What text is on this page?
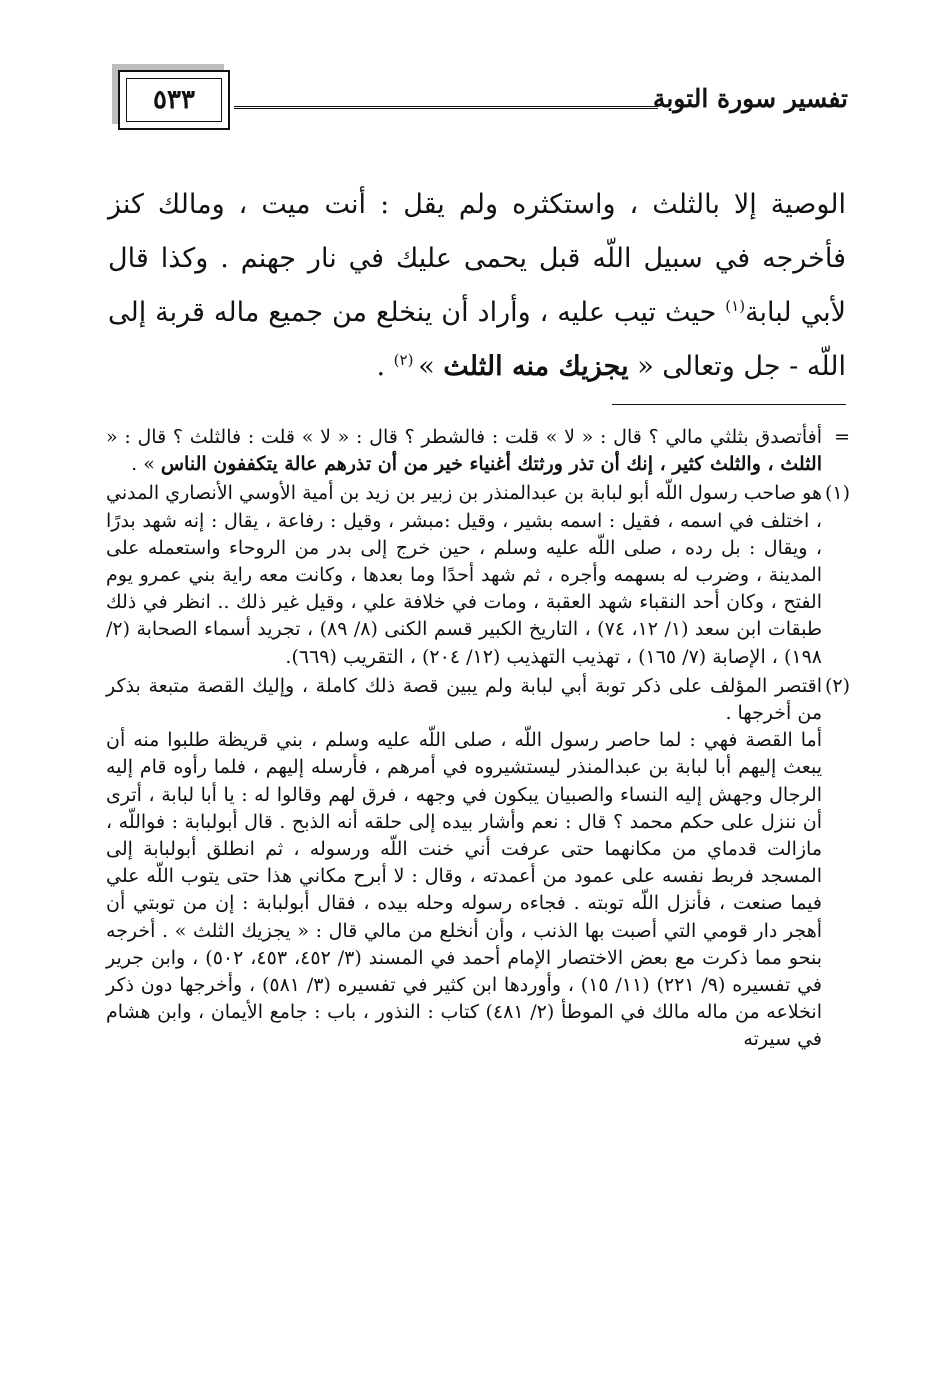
٥٣٣	تفسير سورة التوبة

الوصية إلا بالثلث ، واستكثره ولم يقل : أنت ميت ، ومالك كنز فأخرجه في سبيل اللّه قبل يحمى عليك في نار جهنم . وكذا قال لأبي لبابة$^{(١)}$ حيث تيب عليه ، وأراد أن ينخلع من جميع ماله قربة إلى اللّه - جل وتعالى « يجزيك منه الثلث » $^{(٢)}$ .

=

أفأتصدق بثلثي مالي ؟ قال : « لا » قلت : فالشطر ؟ قال : « لا » قلت : فالثلث ؟ قال : « الثلث ، والثلث كثير ، إنك أن تذر ورثتك أغنياء خير من أن تذرهم عالة يتكففون الناس » .

(١)

هو صاحب رسول اللّه أبو لبابة بن عبدالمنذر بن زبير بن زيد بن أمية الأوسي الأنصاري المدني ، اختلف في اسمه ، فقيل : اسمه بشير ، وقيل :مبشر ، وقيل : رفاعة ، يقال : إنه شهد بدرًا ، ويقال : بل رده ، صلى اللّه عليه وسلم ، حين خرج إلى بدر من الروحاء واستعمله على المدينة ، وضرب له بسهمه وأجره ، ثم شهد أحدًا وما بعدها ، وكانت معه راية بني عمرو يوم الفتح ، وكان أحد النقباء شهد العقبة ، ومات في خلافة علي ، وقيل غير ذلك .. انظر في ذلك طبقات ابن سعد (١/ ١٢، ٧٤) ، التاريخ الكبير قسم الكنى (٨/ ٨٩) ، تجريد أسماء الصحابة (٢/ ١٩٨) ، الإصابة (٧/ ١٦٥) ، تهذيب التهذيب (١٢/ ٢٠٤) ، التقريب (٦٦٩).

(٢)

اقتصر المؤلف على ذكر توبة أبي لبابة ولم يبين قصة ذلك كاملة ، وإليك القصة متبعة بذكر من أخرجها .

أما القصة فهي : لما حاصر رسول اللّه ، صلى اللّه عليه وسلم ، بني قريظة طلبوا منه أن يبعث إليهم أبا لبابة بن عبدالمنذر ليستشيروه في أمرهم ، فأرسله إليهم ، فلما رأوه قام إليه الرجال وجهش إليه النساء والصبيان يبكون في وجهه ، فرق لهم وقالوا له : يا أبا لبابة ، أترى أن ننزل على حكم محمد ؟ قال : نعم وأشار بيده إلى حلقه أنه الذبح . قال أبولبابة : فواللّه ، مازالت قدماي من مكانهما حتى عرفت أني خنت اللّه ورسوله ، ثم انطلق أبولبابة إلى المسجد فربط نفسه على عمود من أعمدته ، وقال : لا أبرح مكاني هذا حتى يتوب اللّه علي فيما صنعت ، فأنزل اللّه توبته . فجاءه رسوله وحله بيده ، فقال أبولبابة : إن من توبتي أن أهجر دار قومي التي أصبت بها الذنب ، وأن أنخلع من مالي قال : « يجزيك الثلث » . أخرجه بنحو مما ذكرت مع بعض الاختصار الإمام أحمد في المسند (٣/ ٤٥٢، ٤٥٣، ٥٠٢) ، وابن جرير في تفسيره (٩/ ٢٢١) (١١/ ١٥) ، وأوردها ابن كثير في تفسيره (٣/ ٥٨١) ، وأخرجها دون ذكر انخلاعه من ماله مالك في الموطأ (٢/ ٤٨١) كتاب : النذور ، باب : جامع الأيمان ، وابن هشام في سيرته
